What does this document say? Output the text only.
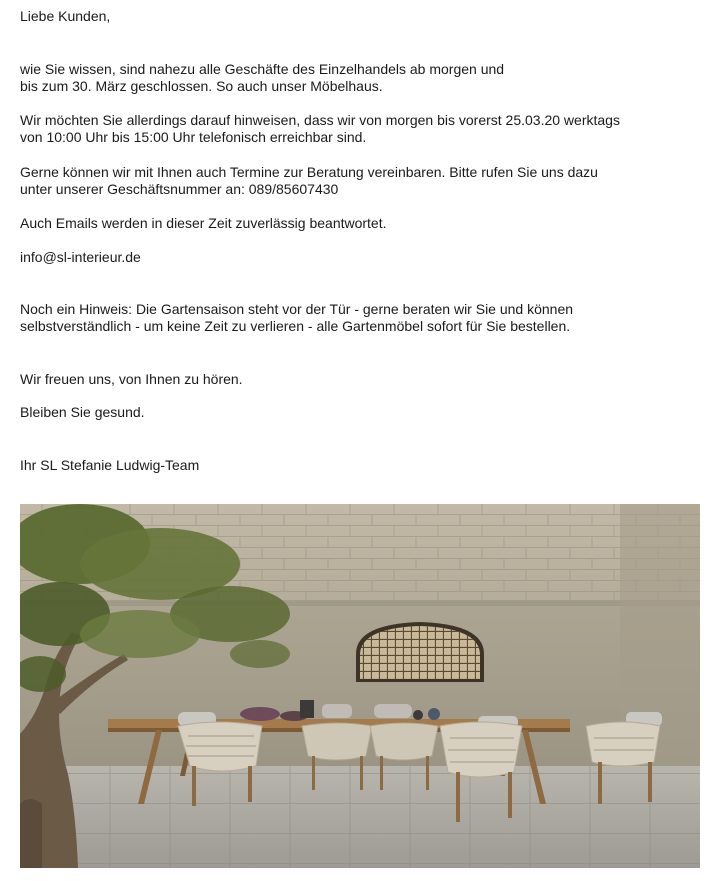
Liebe Kunden,

wie Sie wissen, sind nahezu alle Geschäfte des Einzelhandels ab morgen und

bis zum 30. März geschlossen. So auch unser Möbelhaus.

Wir möchten Sie allerdings darauf hinweisen, dass wir von morgen bis vorerst 25.03.20 werktags

von 10:00 Uhr bis 15:00 Uhr telefonisch erreichbar sind.

Gerne können wir mit Ihnen auch Termine zur Beratung vereinbaren. Bitte rufen Sie uns dazu

unter unserer Geschäftsnummer an: 089/85607430

Auch Emails werden in dieser Zeit zuverlässig beantwortet.

info@sl-interieur.de

Noch ein Hinweis: Die Gartensaison steht vor der Tür - gerne beraten wir Sie und können

selbstverständlich - um keine Zeit zu verlieren - alle Gartenmöbel sofort für Sie bestellen.

Wir freuen uns, von Ihnen zu hören.

Bleiben Sie gesund.

Ihr SL Stefanie Ludwig-Team
